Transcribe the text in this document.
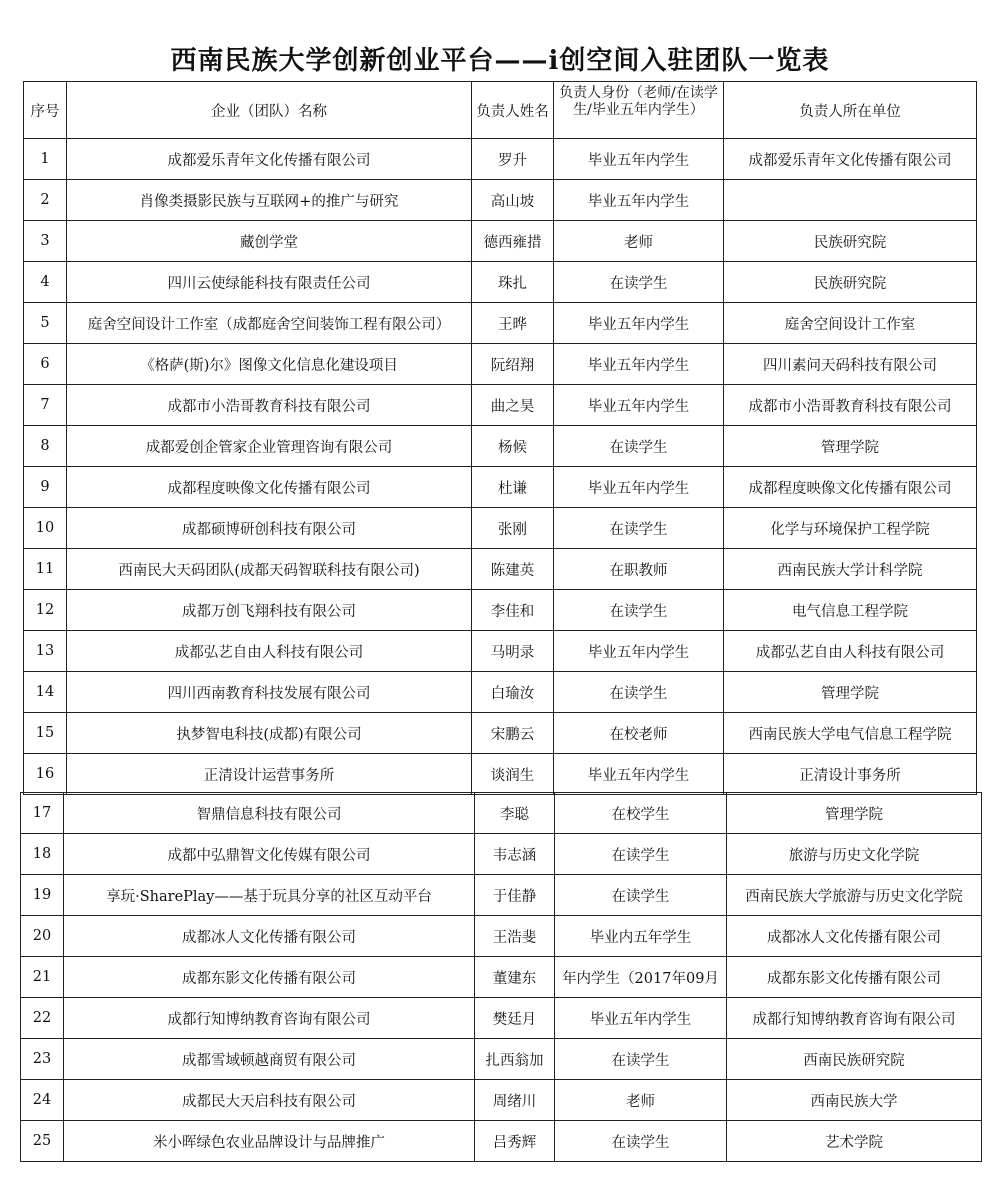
西南民族大学创新创业平台——i创空间入驻团队一览表
序号	企业（团队）名称	负责人姓名	负责人身份（老师/在读学生/毕业五年内学生）	负责人所在单位
1	成都爱乐青年文化传播有限公司	罗升	毕业五年内学生	成都爱乐青年文化传播有限公司
2	肖像类摄影民族与互联网+的推广与研究	高山坡	毕业五年内学生	
3	藏创学堂	德西雍措	老师	民族研究院
4	四川云使绿能科技有限责任公司	珠扎	在读学生	民族研究院
5	庭舍空间设计工作室（成都庭舍空间装饰工程有限公司）	王晔	毕业五年内学生	庭舍空间设计工作室
6	《格萨(斯)尔》图像文化信息化建设项目	阮绍翔	毕业五年内学生	四川素问天码科技有限公司
7	成都市小浩哥教育科技有限公司	曲之昊	毕业五年内学生	成都市小浩哥教育科技有限公司
8	成都爱创企管家企业管理咨询有限公司	杨候	在读学生	管理学院
9	成都程度映像文化传播有限公司	杜谦	毕业五年内学生	成都程度映像文化传播有限公司
10	成都硕博研创科技有限公司	张刚	在读学生	化学与环境保护工程学院
11	西南民大天码团队(成都天码智联科技有限公司)	陈建英	在职教师	西南民族大学计科学院
12	成都万创飞翔科技有限公司	李佳和	在读学生	电气信息工程学院
13	成都弘艺自由人科技有限公司	马明录	毕业五年内学生	成都弘艺自由人科技有限公司
14	四川西南教育科技发展有限公司	白瑜汝	在读学生	管理学院
15	执梦智电科技(成都)有限公司	宋鹏云	在校老师	西南民族大学电气信息工程学院
16	正清设计运营事务所	谈润生	毕业五年内学生	正清设计事务所
17	智鼎信息科技有限公司	李聪	在校学生	管理学院
18	成都中弘鼎智文化传媒有限公司	韦志涵	在读学生	旅游与历史文化学院
19	享玩·SharePlay——基于玩具分享的社区互动平台	于佳静	在读学生	西南民族大学旅游与历史文化学院
20	成都冰人文化传播有限公司	王浩斐	毕业内五年学生	成都冰人文化传播有限公司
21	成都东影文化传播有限公司	董建东	年内学生（2017年09月	成都东影文化传播有限公司
22	成都行知博纳教育咨询有限公司	樊廷月	毕业五年内学生	成都行知博纳教育咨询有限公司
23	成都雪域顿越商贸有限公司	扎西翁加	在读学生	西南民族研究院
24	成都民大天启科技有限公司	周绪川	老师	西南民族大学
25	米小晖绿色农业品牌设计与品牌推广	吕秀辉	在读学生	艺术学院
